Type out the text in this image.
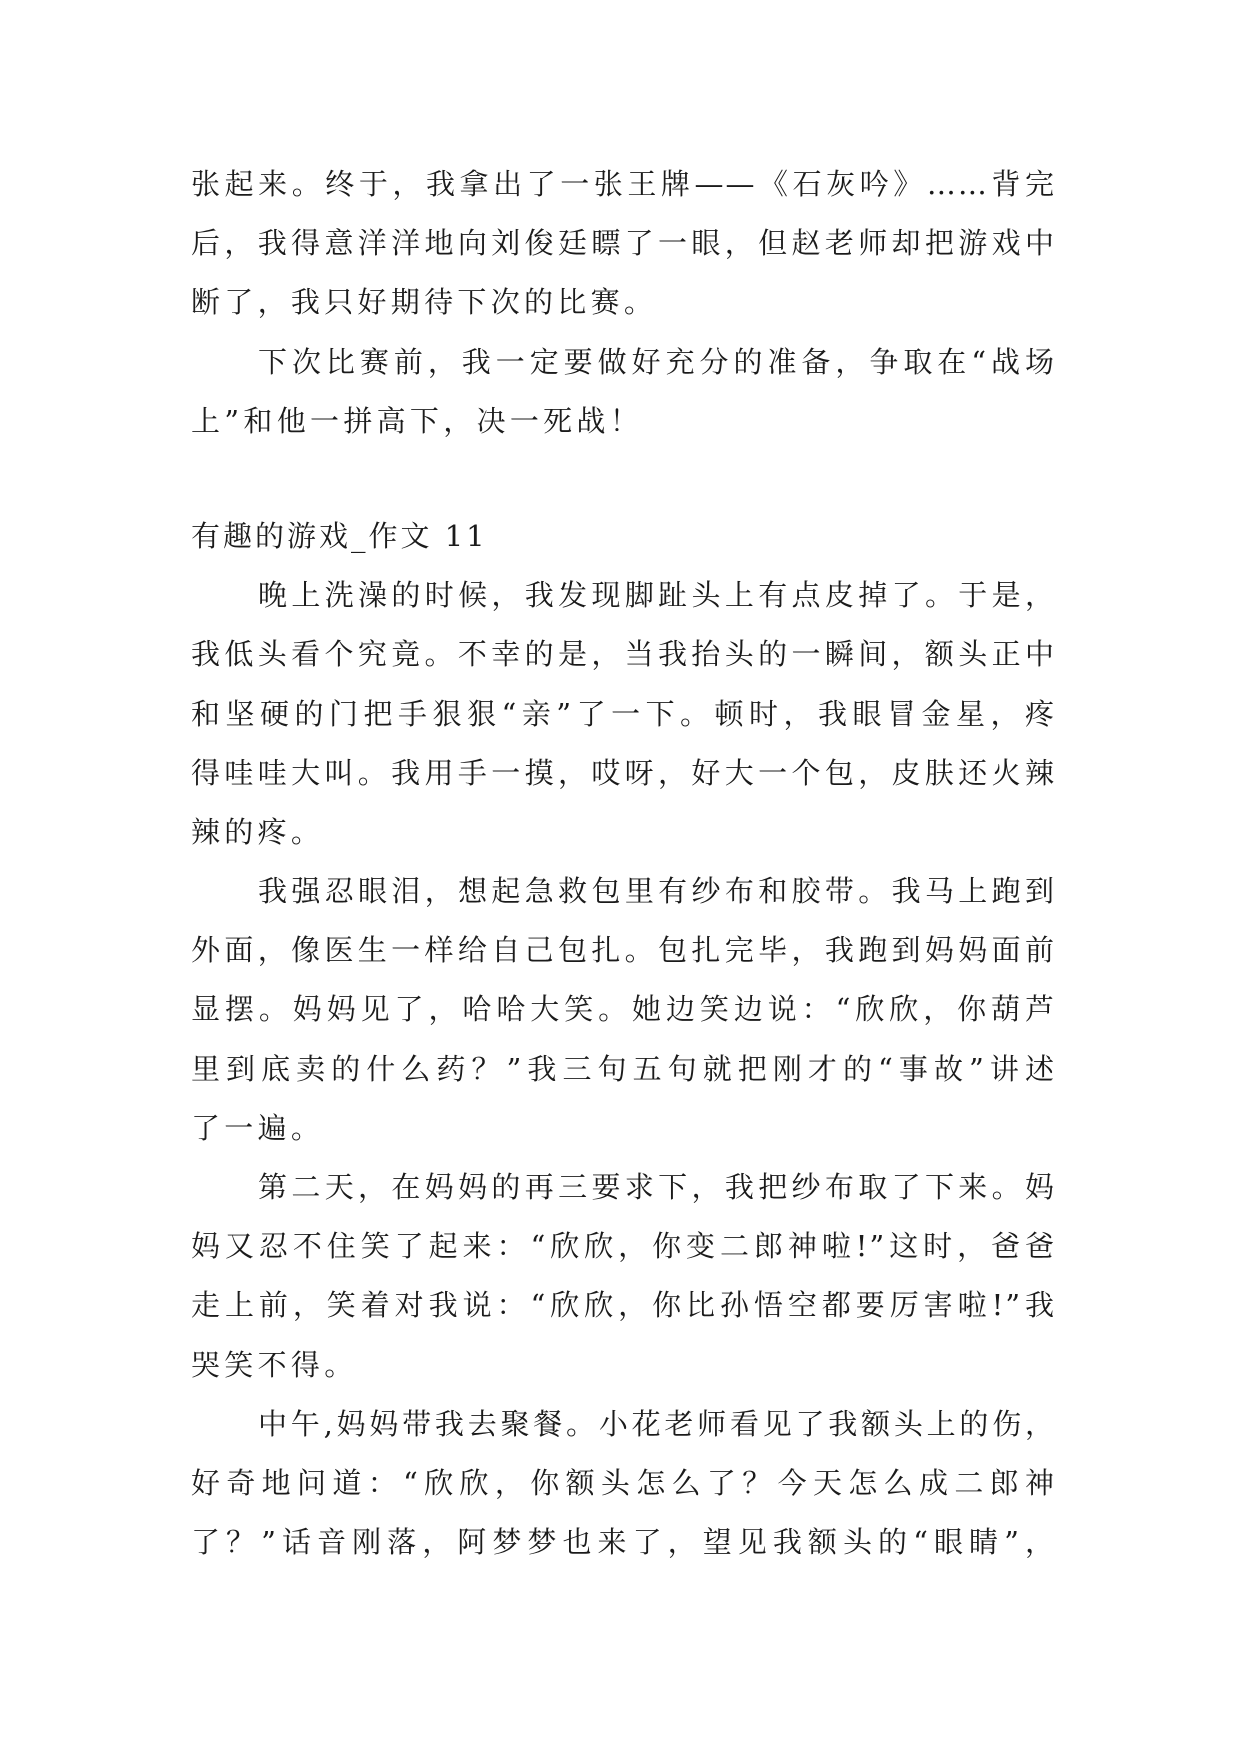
张起来。终于，我拿出了一张王牌——《石灰吟》……背完
后，我得意洋洋地向刘俊廷瞟了一眼，但赵老师却把游戏中
断了，我只好期待下次的比赛。
下次比赛前，我一定要做好充分的准备，争取在“战场
上”和他一拼高下，决一死战！
有趣的游戏_作文 11
晚上洗澡的时候，我发现脚趾头上有点皮掉了。于是，
我低头看个究竟。不幸的是，当我抬头的一瞬间，额头正中
和坚硬的门把手狠狠“亲”了一下。顿时，我眼冒金星，疼
得哇哇大叫。我用手一摸，哎呀，好大一个包，皮肤还火辣
辣的疼。
我强忍眼泪，想起急救包里有纱布和胶带。我马上跑到
外面，像医生一样给自己包扎。包扎完毕，我跑到妈妈面前
显摆。妈妈见了，哈哈大笑。她边笑边说：“欣欣，你葫芦
里到底卖的什么药？”我三句五句就把刚才的“事故”讲述
了一遍。
第二天，在妈妈的再三要求下，我把纱布取了下来。妈
妈又忍不住笑了起来：“欣欣，你变二郎神啦!”这时，爸爸
走上前，笑着对我说：“欣欣，你比孙悟空都要厉害啦!”我
哭笑不得。
中午,妈妈带我去聚餐。小花老师看见了我额头上的伤，
好奇地问道：“欣欣，你额头怎么了？今天怎么成二郎神
了？”话音刚落，阿梦梦也来了，望见我额头的“眼睛”，
